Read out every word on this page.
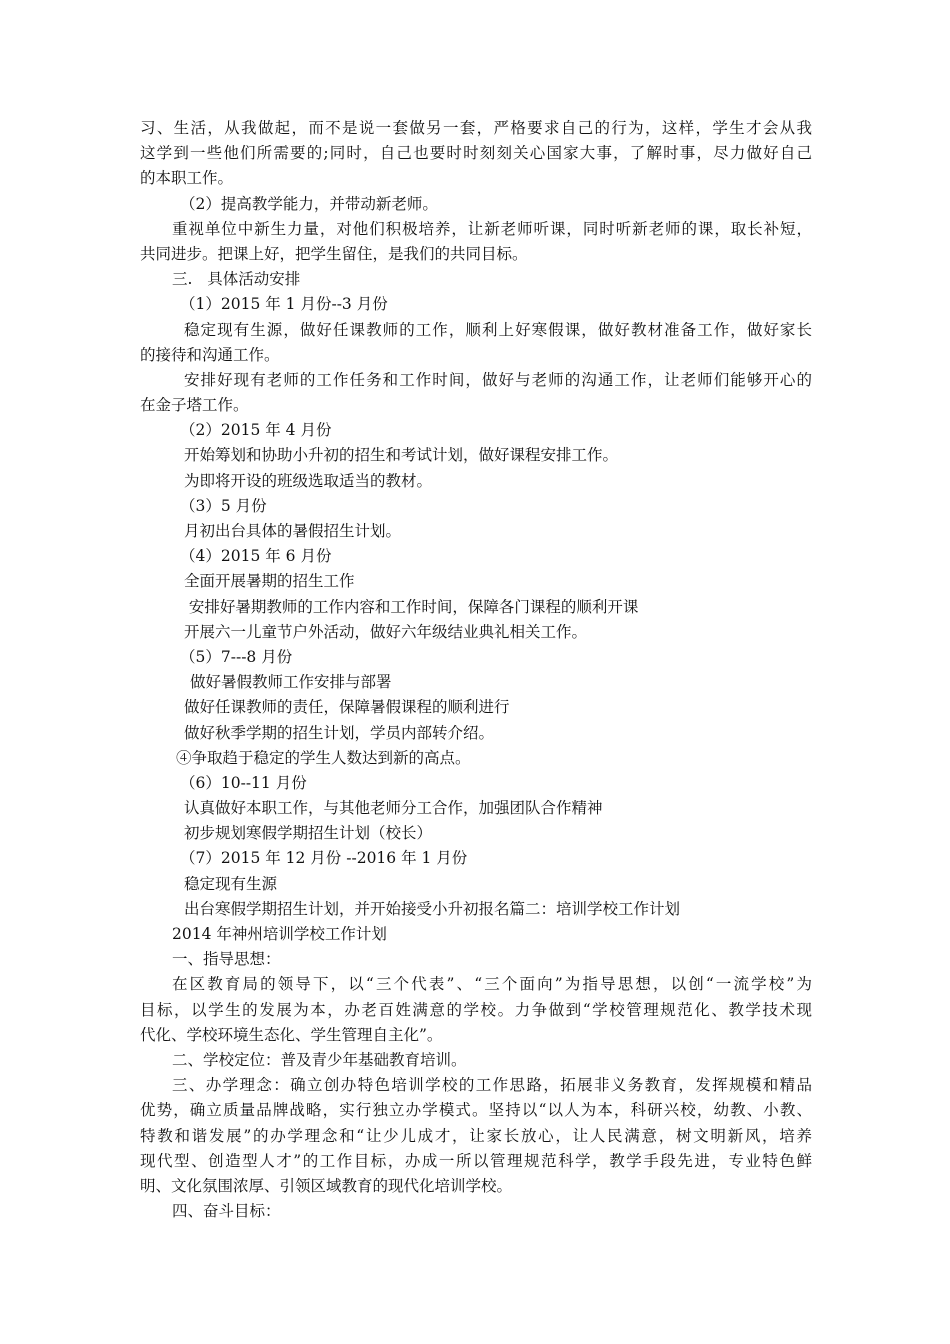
习、生活，从我做起，而不是说一套做另一套，严格要求自己的行为，这样，学生才会从我
这学到一些他们所需要的;同时，自己也要时时刻刻关心国家大事，了解时事，尽力做好自己
的本职工作。
（2）提高教学能力，并带动新老师。
重视单位中新生力量，对他们积极培养，让新老师听课，同时听新老师的课，取长补短，
共同进步。把课上好，把学生留住，是我们的共同目标。
三.   具体活动安排
（1）2015 年 1 月份--3 月份
稳定现有生源，做好任课教师的工作，顺利上好寒假课，做好教材准备工作，做好家长
的接待和沟通工作。
安排好现有老师的工作任务和工作时间，做好与老师的沟通工作，让老师们能够开心的
在金子塔工作。
（2）2015 年 4 月份
开始筹划和协助小升初的招生和考试计划，做好课程安排工作。
为即将开设的班级选取适当的教材。
（3）5 月份
月初出台具体的暑假招生计划。
（4）2015 年 6 月份
全面开展暑期的招生工作
安排好暑期教师的工作内容和工作时间，保障各门课程的顺利开课
开展六一儿童节户外活动，做好六年级结业典礼相关工作。
（5）7---8 月份
做好暑假教师工作安排与部署
做好任课教师的责任，保障暑假课程的顺利进行
做好秋季学期的招生计划，学员内部转介绍。
④争取趋于稳定的学生人数达到新的高点。
（6）10--11 月份
认真做好本职工作，与其他老师分工合作，加强团队合作精神
初步规划寒假学期招生计划（校长）
（7）2015 年 12 月份 --2016 年 1 月份
稳定现有生源
出台寒假学期招生计划，并开始接受小升初报名篇二：培训学校工作计划
2014 年神州培训学校工作计划
一、指导思想：
在区教育局的领导下，以“三个代表”、“三个面向”为指导思想，以创“一流学校”为
目标，以学生的发展为本，办老百姓满意的学校。力争做到“学校管理规范化、教学技术现
代化、学校环境生态化、学生管理自主化”。
二、学校定位：普及青少年基础教育培训。
三、办学理念：确立创办特色培训学校的工作思路，拓展非义务教育，发挥规模和精品
优势，确立质量品牌战略，实行独立办学模式。坚持以“以人为本，科研兴校，幼教、小教、
特教和谐发展”的办学理念和“让少儿成才，让家长放心，让人民满意，树文明新风，培养
现代型、创造型人才”的工作目标，办成一所以管理规范科学，教学手段先进，专业特色鲜
明、文化氛围浓厚、引领区域教育的现代化培训学校。
四、奋斗目标：
